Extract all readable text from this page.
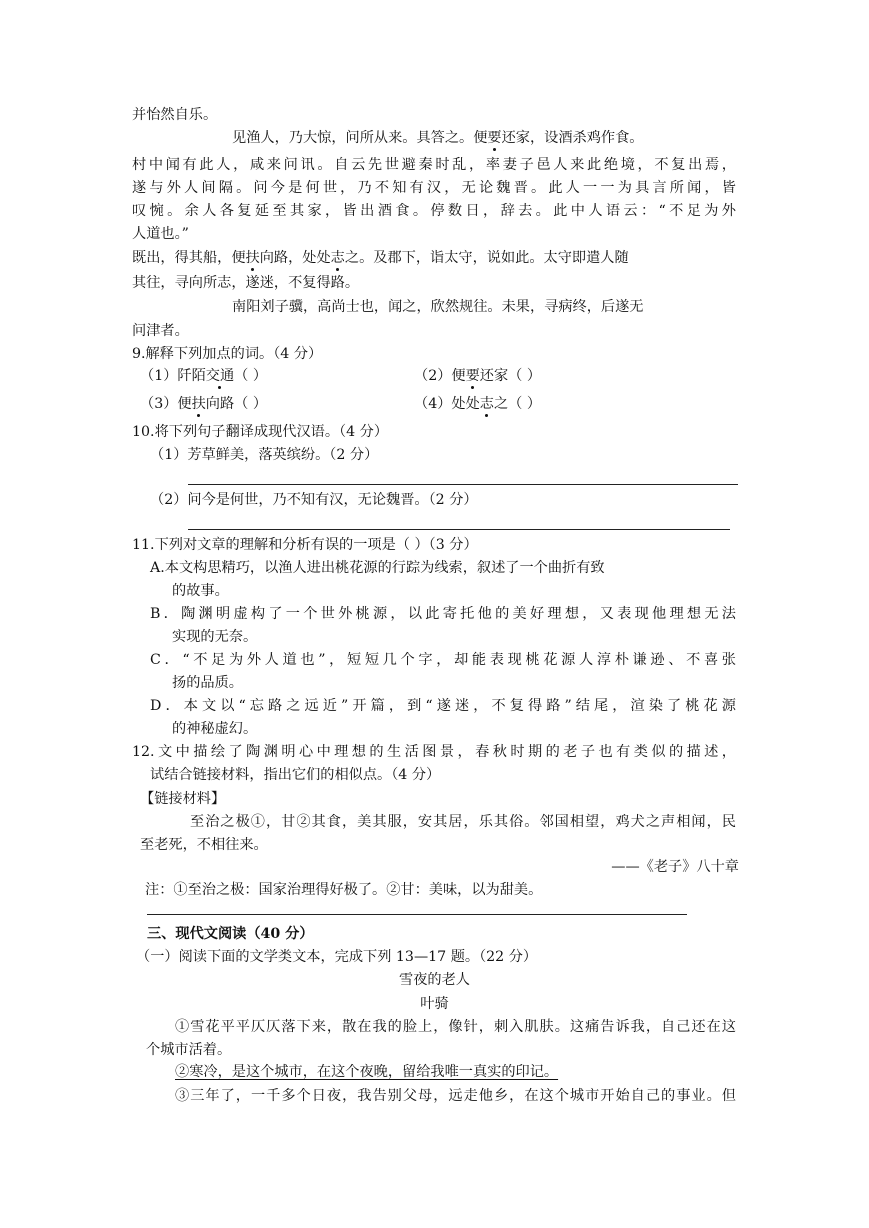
并怡然自乐。
见渔人，乃大惊，问所从来。具答之。便要还家，设酒杀鸡作食。
村中闻有此人，咸来问讯。自云先世避秦时乱，率妻子邑人来此绝境，不复出焉，
遂与外人间隔。问今是何世，乃不知有汉，无论魏晋。此人一一为具言所闻，皆
叹惋。余人各复延至其家，皆出酒食。停数日，辞去。此中人语云：“不足为外
人道也。”
既出，得其船，便扶向路，处处志之。及郡下，诣太守，说如此。太守即遣人随
其往，寻向所志，遂迷，不复得路。
南阳刘子骥，高尚士也，闻之，欣然规往。未果，寻病终，后遂无
问津者。
9.解释下列加点的词。（4 分）
（1）阡陌交通（ ）	（2）便要还家（ ）
（3）便扶向路（ ）	（4）处处志之（ ）
10.将下列句子翻译成现代汉语。（4 分）
（1）芳草鲜美，落英缤纷。（2 分）
（2）问今是何世，乃不知有汉，无论魏晋。（2 分）
11.下列对文章的理解和分析有误的一项是（ ）（3 分）
A.本文构思精巧，以渔人进出桃花源的行踪为线索，叙述了一个曲折有致
的故事。
B．陶渊明虚构了一个世外桃源，以此寄托他的美好理想，又表现他理想无法
实现的无奈。
C．“不足为外人道也”，短短几个字，却能表现桃花源人淳朴谦逊、不喜张
扬的品质。
D．本文以“忘路之远近”开篇，到“遂迷，不复得路”结尾，渲染了桃花源
的神秘虚幻。
12.文中描绘了陶渊明心中理想的生活图景，春秋时期的老子也有类似的描述，
试结合链接材料，指出它们的相似点。（4 分）
【链接材料】
至治之极①，甘②其食，美其服，安其居，乐其俗。邻国相望，鸡犬之声相闻，民
至老死，不相往来。
——《老子》八十章
注：①至治之极：国家治理得好极了。②甘：美味，以为甜美。
三、现代文阅读（40 分）
（一）阅读下面的文学类文本，完成下列 13—17 题。（22 分）
雪夜的老人
叶骑
①雪花平平仄仄落下来，散在我的脸上，像针，刺入肌肤。这痛告诉我，自己还在这
个城市活着。
②寒冷，是这个城市，在这个夜晚，留给我唯一真实的印记。
③三年了，一千多个日夜，我告别父母，远走他乡，在这个城市开始自己的事业。但
